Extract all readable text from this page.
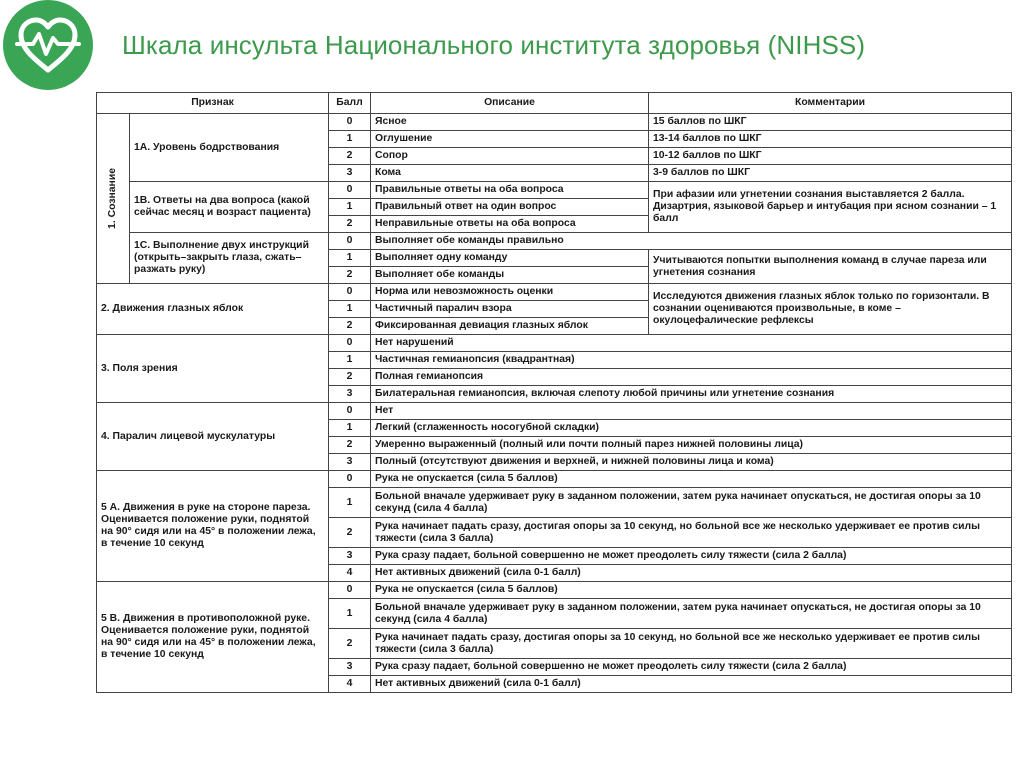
Шкала инсульта Национального института здоровья (NIHSS)
Признак		Балл	Описание	Комментарии

1. Сознание	1А. Уровень бодрствования	0	Ясное	15 баллов по ШКГ
		1	Оглушение	13-14 баллов по ШКГ
		2	Сопор	10-12 баллов по ШКГ
		3	Кома	3-9 баллов по ШКГ
	1В. Ответы на два вопроса (какой сейчас месяц и возраст пациента)	0	Правильные ответы на оба вопроса	При афазии или угнетении сознания выставляется 2 балла. Дизартрия, языковой барьер и интубация при ясном сознании – 1 балл
		1	Правильный ответ на один вопрос	
		2	Неправильные ответы на оба вопроса	
	1С. Выполнение двух инструкций (открыть–закрыть глаза, сжать–разжать руку)	0	Выполняет обе команды правильно	
		1	Выполняет одну команду	Учитываются попытки выполнения команд в случае пареза или угнетения сознания
		2	Выполняет обе команды	
2. Движения глазных яблок		0	Норма или невозможность оценки	Исследуются движения глазных яблок только по горизонтали. В сознании оцениваются произвольные, в коме – окулоцефалические рефлексы
		1	Частичный паралич взора	
		2	Фиксированная девиация глазных яблок	
3. Поля зрения		0	Нет нарушений	
		1	Частичная гемианопсия (квадрантная)	
		2	Полная гемианопсия	
		3	Билатеральная гемианопсия, включая слепоту любой причины или угнетение сознания	
4. Паралич лицевой мускулатуры		0	Нет	
		1	Легкий (сглаженность носогубной складки)	
		2	Умеренно выраженный (полный или почти полный парез нижней половины лица)	
		3	Полный (отсутствуют движения и верхней, и нижней половины лица и кома)	
5 А. Движения в руке на стороне пареза. Оценивается положение руки, поднятой на 90° сидя или на 45° в положении лежа, в течение 10 секунд		0	Рука не опускается (сила 5 баллов)	
		1	Больной вначале удерживает руку в заданном положении, затем рука начинает опускаться, не достигая опоры за 10 секунд (сила 4 балла)	
		2	Рука начинает падать сразу, достигая опоры за 10 секунд, но больной все же несколько удерживает ее против силы тяжести (сила 3 балла)	
		3	Рука сразу падает, больной совершенно не может преодолеть силу тяжести (сила 2 балла)	
		4	Нет активных движений (сила 0-1 балл)	
5 В. Движения в противоположной руке. Оценивается положение руки, поднятой на 90° сидя или на 45° в положении лежа, в течение 10 секунд		0	Рука не опускается (сила 5 баллов)	
		1	Больной вначале удерживает руку в заданном положении, затем рука начинает опускаться, не достигая опоры за 10 секунд (сила 4 балла)	
		2	Рука начинает падать сразу, достигая опоры за 10 секунд, но больной все же несколько удерживает ее против силы тяжести (сила 3 балла)	
		3	Рука сразу падает, больной совершенно не может преодолеть силу тяжести (сила 2 балла)	
		4	Нет активных движений (сила 0-1 балл)	
